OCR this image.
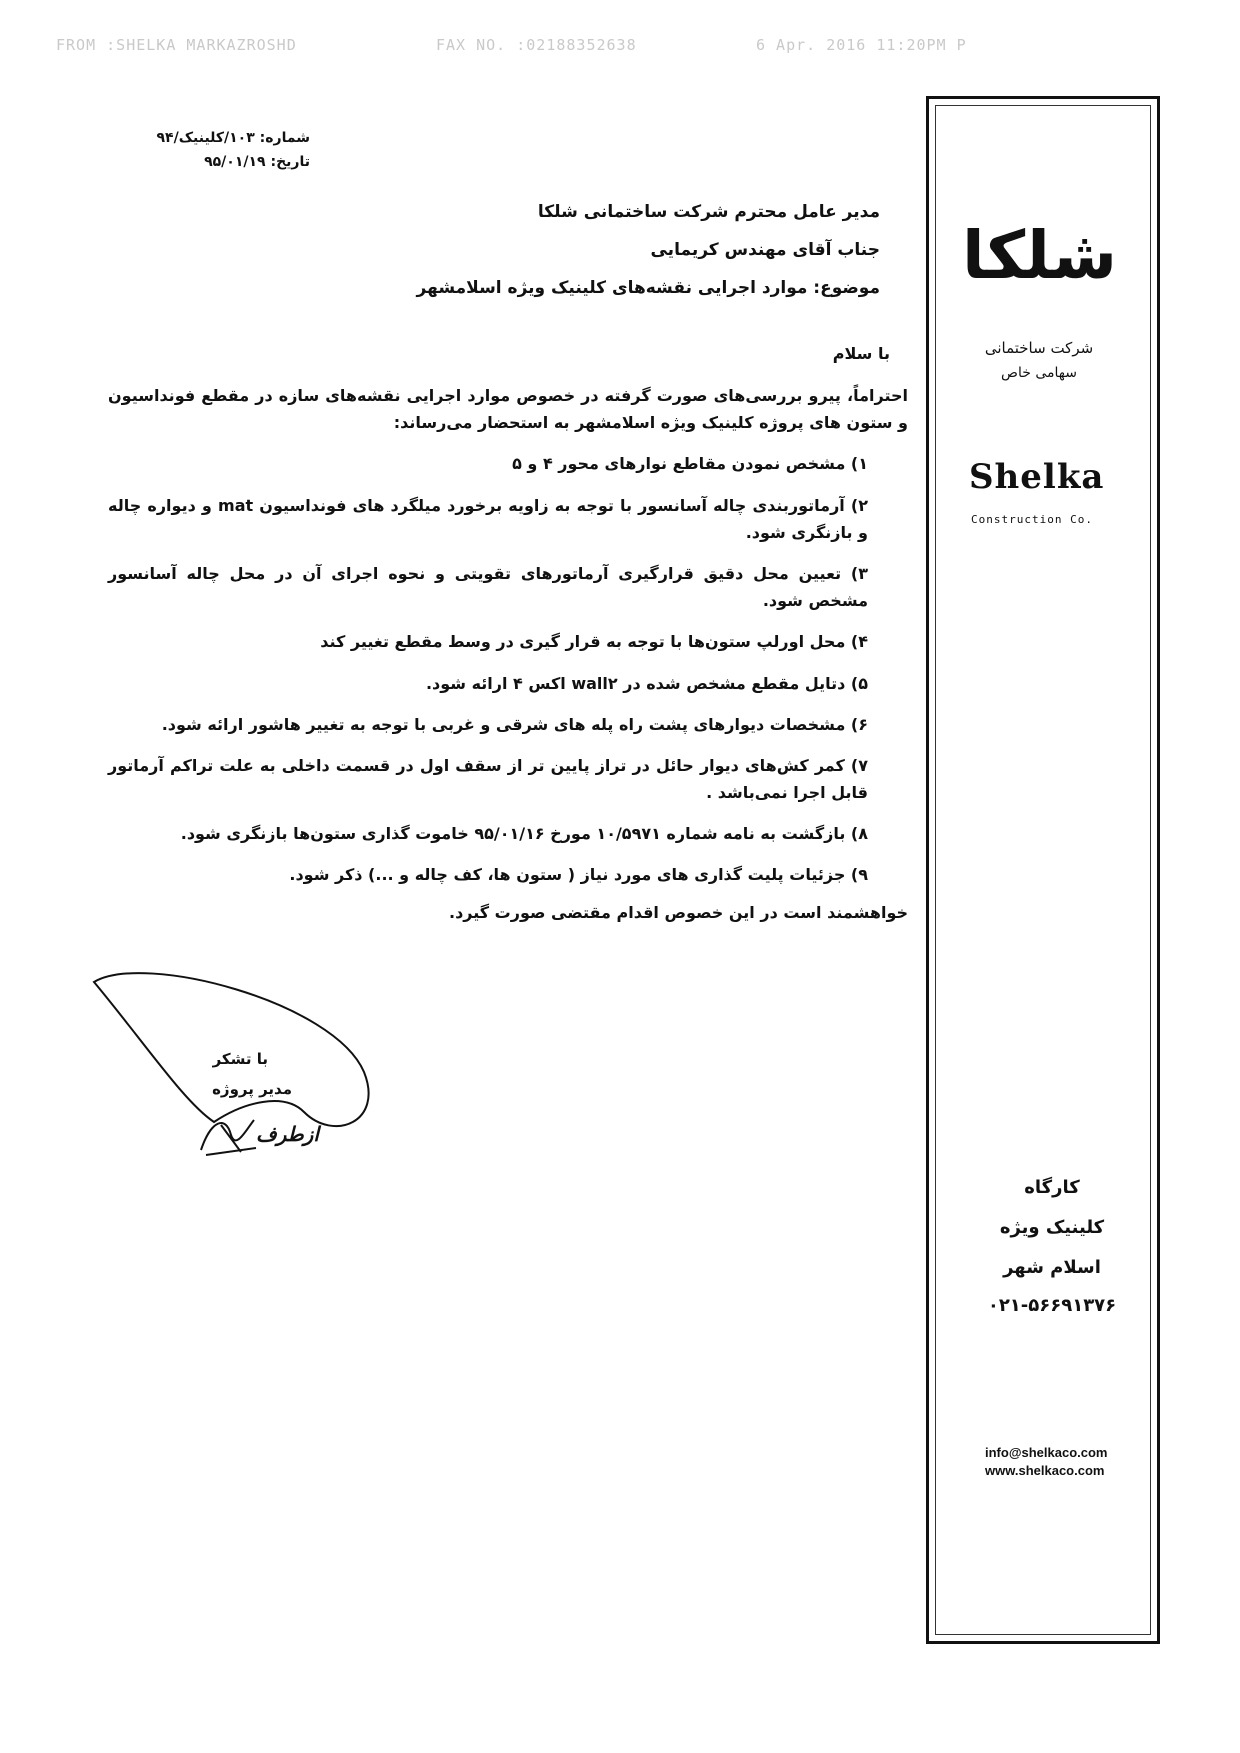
FROM :SHELKA MARKAZROSHD	FAX NO. :02188352638	6 Apr. 2016 11:20PM P
شماره: ۱۰۳/کلینیک/۹۴
تاریخ: ۹۵/۰۱/۱۹
مدیر عامل محترم شرکت ساختمانی شلکا
جناب آقای مهندس کریمایی
موضوع: موارد اجرایی نقشه‌های کلینیک ویژه اسلامشهر
با سلام

احتراماً، پیرو بررسی‌های صورت گرفته در خصوص موارد اجرایی نقشه‌های سازه در مقطع فونداسیون و ستون های پروژه کلینیک ویژه اسلامشهر به استحضار می‌رساند:

۱) مشخص نمودن مقاطع نوارهای محور ۴ و ۵

۲) آرماتوربندی چاله آسانسور با توجه به زاویه برخورد میلگرد های فونداسیون mat و دیواره چاله و بازنگری شود.

۳) تعیین محل دقیق قرارگیری آرماتورهای تقویتی و نحوه اجرای آن در محل چاله آسانسور مشخص شود.

۴) محل اورلپ ستون‌ها با توجه به قرار گیری در وسط مقطع تغییر کند

۵) دتایل مقطع مشخص شده در wall۲ اکس ۴ ارائه شود.

۶) مشخصات دیوارهای پشت راه پله های شرقی و غربی با توجه به تغییر هاشور ارائه شود.

۷) کمر کش‌های دیوار حائل در تراز پایین تر از سقف اول در قسمت داخلی به علت تراکم آرماتور قابل اجرا نمی‌باشد .

۸) بازگشت به نامه شماره ۱۰/۵۹۷۱ مورخ ۹۵/۰۱/۱۶ خاموت گذاری ستون‌ها بازنگری شود.

۹) جزئیات پلیت گذاری های مورد نیاز ( ستون ها، کف چاله و ...) ذکر شود.

خواهشمند است در این خصوص اقدام مقتضی صورت گیرد.

با تشکر
مدیر پروژه
ازطرف
شلکا
شرکت ساختمانی
سهامی خاص
Shelka
Construction Co.
کارگاه
کلینیک ویژه
اسلام شهر
۰۲۱-۵۶۶۹۱۳۷۶
info@shelkaco.com
www.shelkaco.com
